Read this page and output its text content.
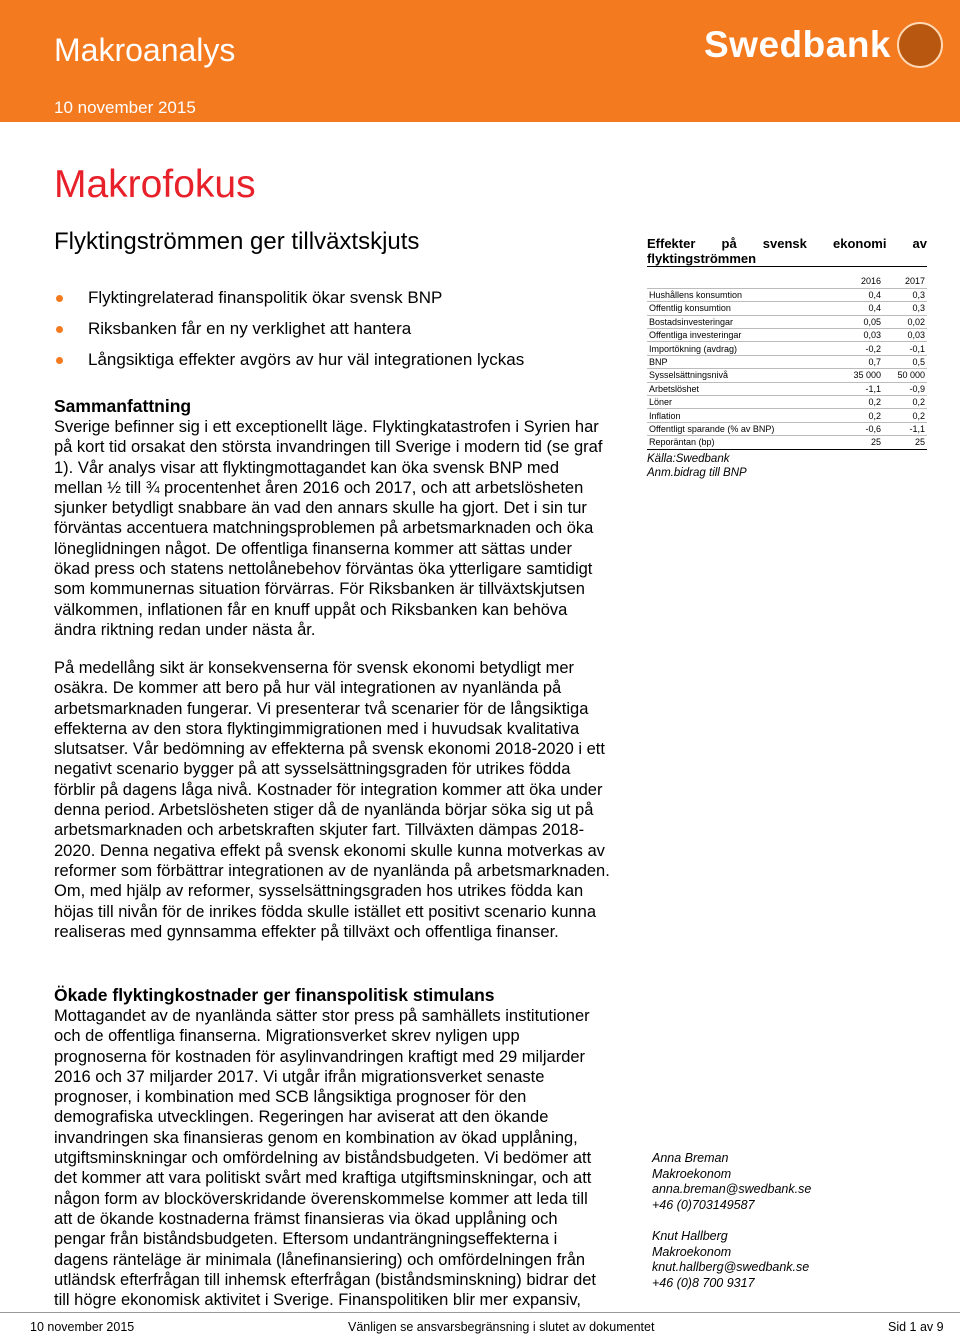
Makroanalys
10 november 2015
Swedbank
Makrofokus
Flyktingströmmen ger tillväxtskjuts
Flyktingrelaterad finanspolitik ökar svensk BNP
Riksbanken får en ny verklighet att hantera
Långsiktiga effekter avgörs av hur väl integrationen lyckas
Sammanfattning

Sverige befinner sig i ett exceptionellt läge. Flyktingkatastrofen i Syrien har på kort tid orsakat den största invandringen till Sverige i modern tid (se graf 1). Vår analys visar att flyktingmottagandet kan öka svensk BNP med mellan ½ till ¾ procentenhet åren 2016 och 2017, och att arbetslösheten sjunker betydligt snabbare än vad den annars skulle ha gjort. Det i sin tur förväntas accentuera matchningsproblemen på arbetsmarknaden och öka löneglidningen något. De offentliga finanserna kommer att sättas under ökad press och statens nettolånebehov förväntas öka ytterligare samtidigt som kommunernas situation förvärras. För Riksbanken är tillväxtskjutsen välkommen, inflationen får en knuff uppåt och Riksbanken kan behöva ändra riktning redan under nästa år.

På medellång sikt är konsekvenserna för svensk ekonomi betydligt mer osäkra. De kommer att bero på hur väl integrationen av nyanlända på arbetsmarknaden fungerar. Vi presenterar två scenarier för de långsiktiga effekterna av den stora flyktingimmigrationen med i huvudsak kvalitativa slutsatser. Vår bedömning av effekterna på svensk ekonomi 2018-2020 i ett negativt scenario bygger på att sysselsättningsgraden för utrikes födda förblir på dagens låga nivå. Kostnader för integration kommer att öka under denna period. Arbetslösheten stiger då de nyanlända börjar söka sig ut på arbetsmarknaden och arbetskraften skjuter fart. Tillväxten dämpas 2018-2020. Denna negativa effekt på svensk ekonomi skulle kunna motverkas av reformer som förbättrar integrationen av de nyanlända på arbetsmarknaden. Om, med hjälp av reformer, sysselsättningsgraden hos utrikes födda kan höjas till nivån för de inrikes födda skulle istället ett positivt scenario kunna realiseras med gynnsamma effekter på tillväxt och offentliga finanser.

Ökade flyktingkostnader ger finanspolitisk stimulans

Mottagandet av de nyanlända sätter stor press på samhällets institutioner och de offentliga finanserna. Migrationsverket skrev nyligen upp prognoserna för kostnaden för asylinvandringen kraftigt med 29 miljarder 2016 och 37 miljarder 2017. Vi utgår ifrån migrationsverket senaste prognoser, i kombination med SCB långsiktiga prognoser för den demografiska utvecklingen. Regeringen har aviserat att den ökande invandringen ska finansieras genom en kombination av ökad upplåning, utgiftsminskningar och omfördelning av biståndsbudgeten. Vi bedömer att det kommer att vara politiskt svårt med kraftiga utgiftsminskningar, och att någon form av blocköverskridande överenskommelse kommer att leda till att de ökande kostnaderna främst finansieras via ökad upplåning och pengar från biståndsbudgeten. Eftersom undanträngningseffekterna i dagens ränteläge är minimala (lånefinansiering) och omfördelningen från utländsk efterfrågan till inhemsk efterfrågan (biståndsminskning) bidrar det till högre ekonomisk aktivitet i Sverige. Finanspolitiken blir mer expansiv,

Effekter på svensk ekonomi av
flyktingströmmen
	2016	2017
Hushållens konsumtion	0,4	0,3
Offentlig konsumtion	0,4	0,3
Bostadsinvesteringar	0,05	0,02
Offentliga investeringar	0,03	0,03
Importökning (avdrag)	-0,2	-0,1
BNP	0,7	0,5
Sysselsättningsnivå	35 000	50 000
Arbetslöshet	-1,1	-0,9
Löner	0,2	0,2
Inflation	0,2	0,2
Offentligt sparande (% av BNP)	-0,6	-1,1
Reporäntan (bp)	25	25
Källa:Swedbank
Anm.bidrag till BNP
Anna Breman
Makroekonom
anna.breman@swedbank.se
+46 (0)703149587
Knut Hallberg
Makroekonom
knut.hallberg@swedbank.se
+46 (0)8 700 9317
10 november 2015	Vänligen se ansvarsbegränsning i slutet av dokumentet	Sid 1 av 9
